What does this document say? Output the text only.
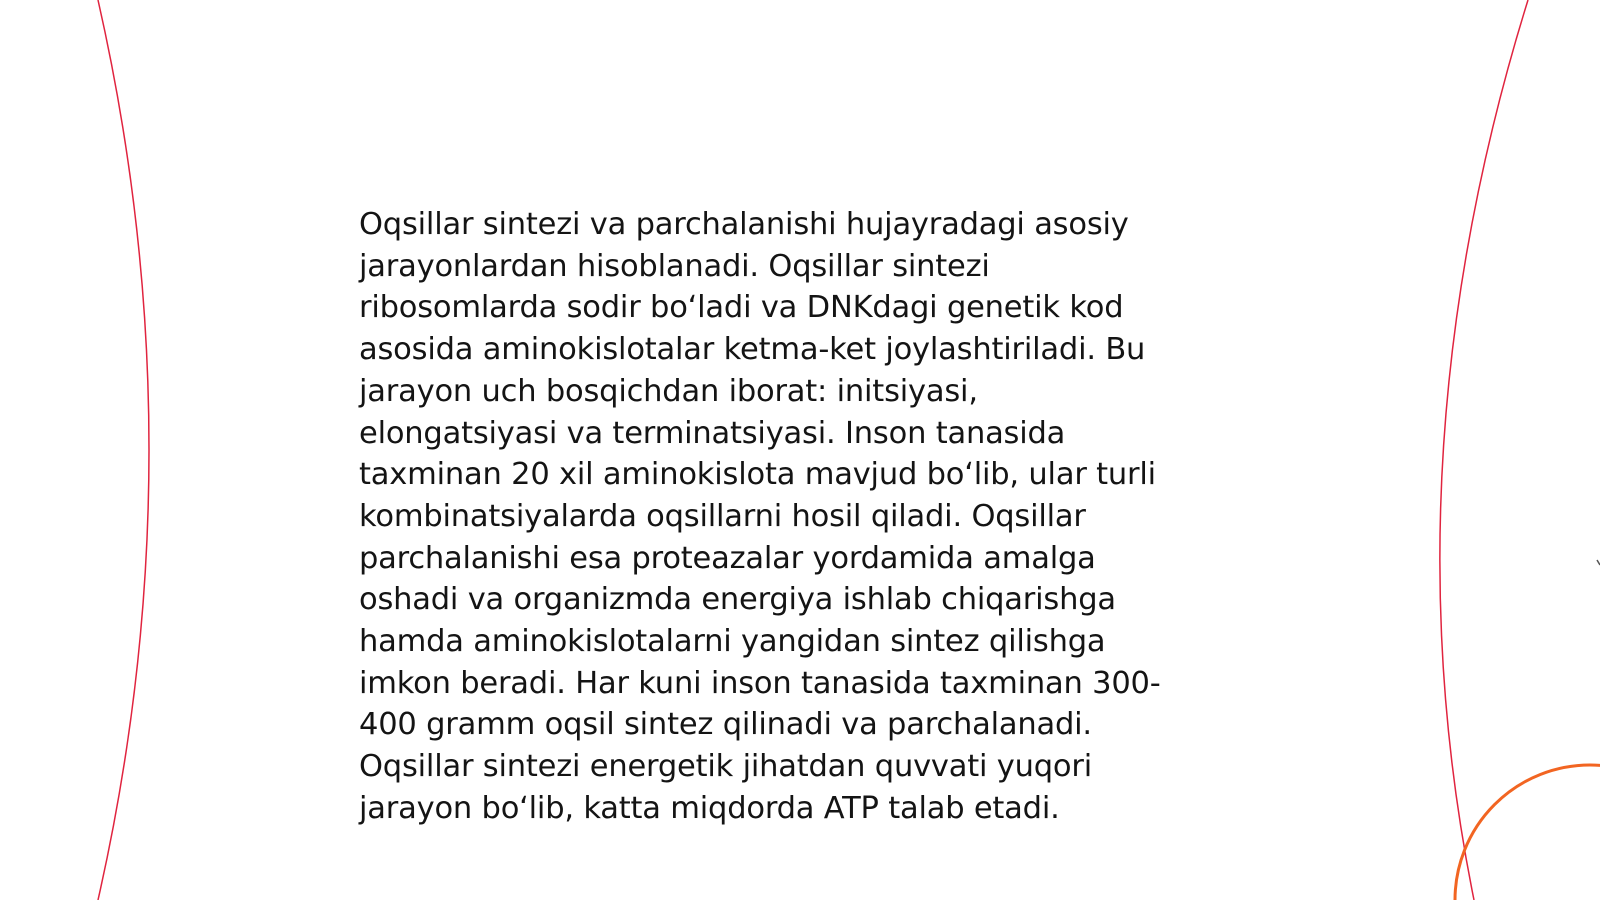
Oqsillar sintezi va parchalanishi hujayradagi asosiy
jarayonlardan hisoblanadi. Oqsillar sintezi
ribosomlarda sodir bo‘ladi va DNKdagi genetik kod
asosida aminokislotalar ketma-ket joylashtiriladi. Bu
jarayon uch bosqichdan iborat: initsiyasi,
elongatsiyasi va terminatsiyasi. Inson tanasida
taxminan 20 xil aminokislota mavjud bo‘lib, ular turli
kombinatsiyalarda oqsillarni hosil qiladi. Oqsillar
parchalanishi esa proteazalar yordamida amalga
oshadi va organizmda energiya ishlab chiqarishga
hamda aminokislotalarni yangidan sintez qilishga
imkon beradi. Har kuni inson tanasida taxminan 300-
400 gramm oqsil sintez qilinadi va parchalanadi.
Oqsillar sintezi energetik jihatdan quvvati yuqori
jarayon bo‘lib, katta miqdorda ATP talab etadi.
